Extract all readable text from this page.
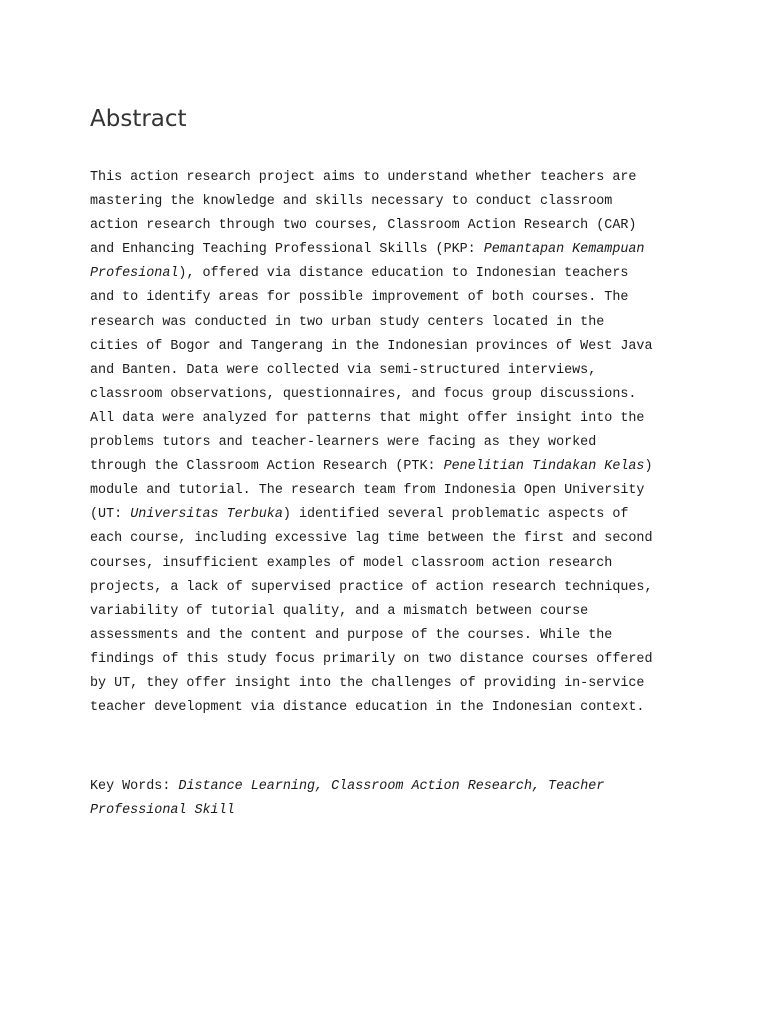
Abstract
This action research project aims to understand whether teachers are
mastering the knowledge and skills necessary to conduct classroom
action research through two courses, Classroom Action Research (CAR)
and Enhancing Teaching Professional Skills (PKP: Pemantapan Kemampuan
Profesional), offered via distance education to Indonesian teachers
and to identify areas for possible improvement of both courses. The
research was conducted in two urban study centers located in the
cities of Bogor and Tangerang in the Indonesian provinces of West Java
and Banten. Data were collected via semi-structured interviews,
classroom observations, questionnaires, and focus group discussions.
All data were analyzed for patterns that might offer insight into the
problems tutors and teacher-learners were facing as they worked
through the Classroom Action Research (PTK: Penelitian Tindakan Kelas)
module and tutorial. The research team from Indonesia Open University
(UT: Universitas Terbuka) identified several problematic aspects of
each course, including excessive lag time between the first and second
courses, insufficient examples of model classroom action research
projects, a lack of supervised practice of action research techniques,
variability of tutorial quality, and a mismatch between course
assessments and the content and purpose of the courses. While the
findings of this study focus primarily on two distance courses offered
by UT, they offer insight into the challenges of providing in-service
teacher development via distance education in the Indonesian context.
Key Words: Distance Learning, Classroom Action Research, Teacher
Professional Skill
